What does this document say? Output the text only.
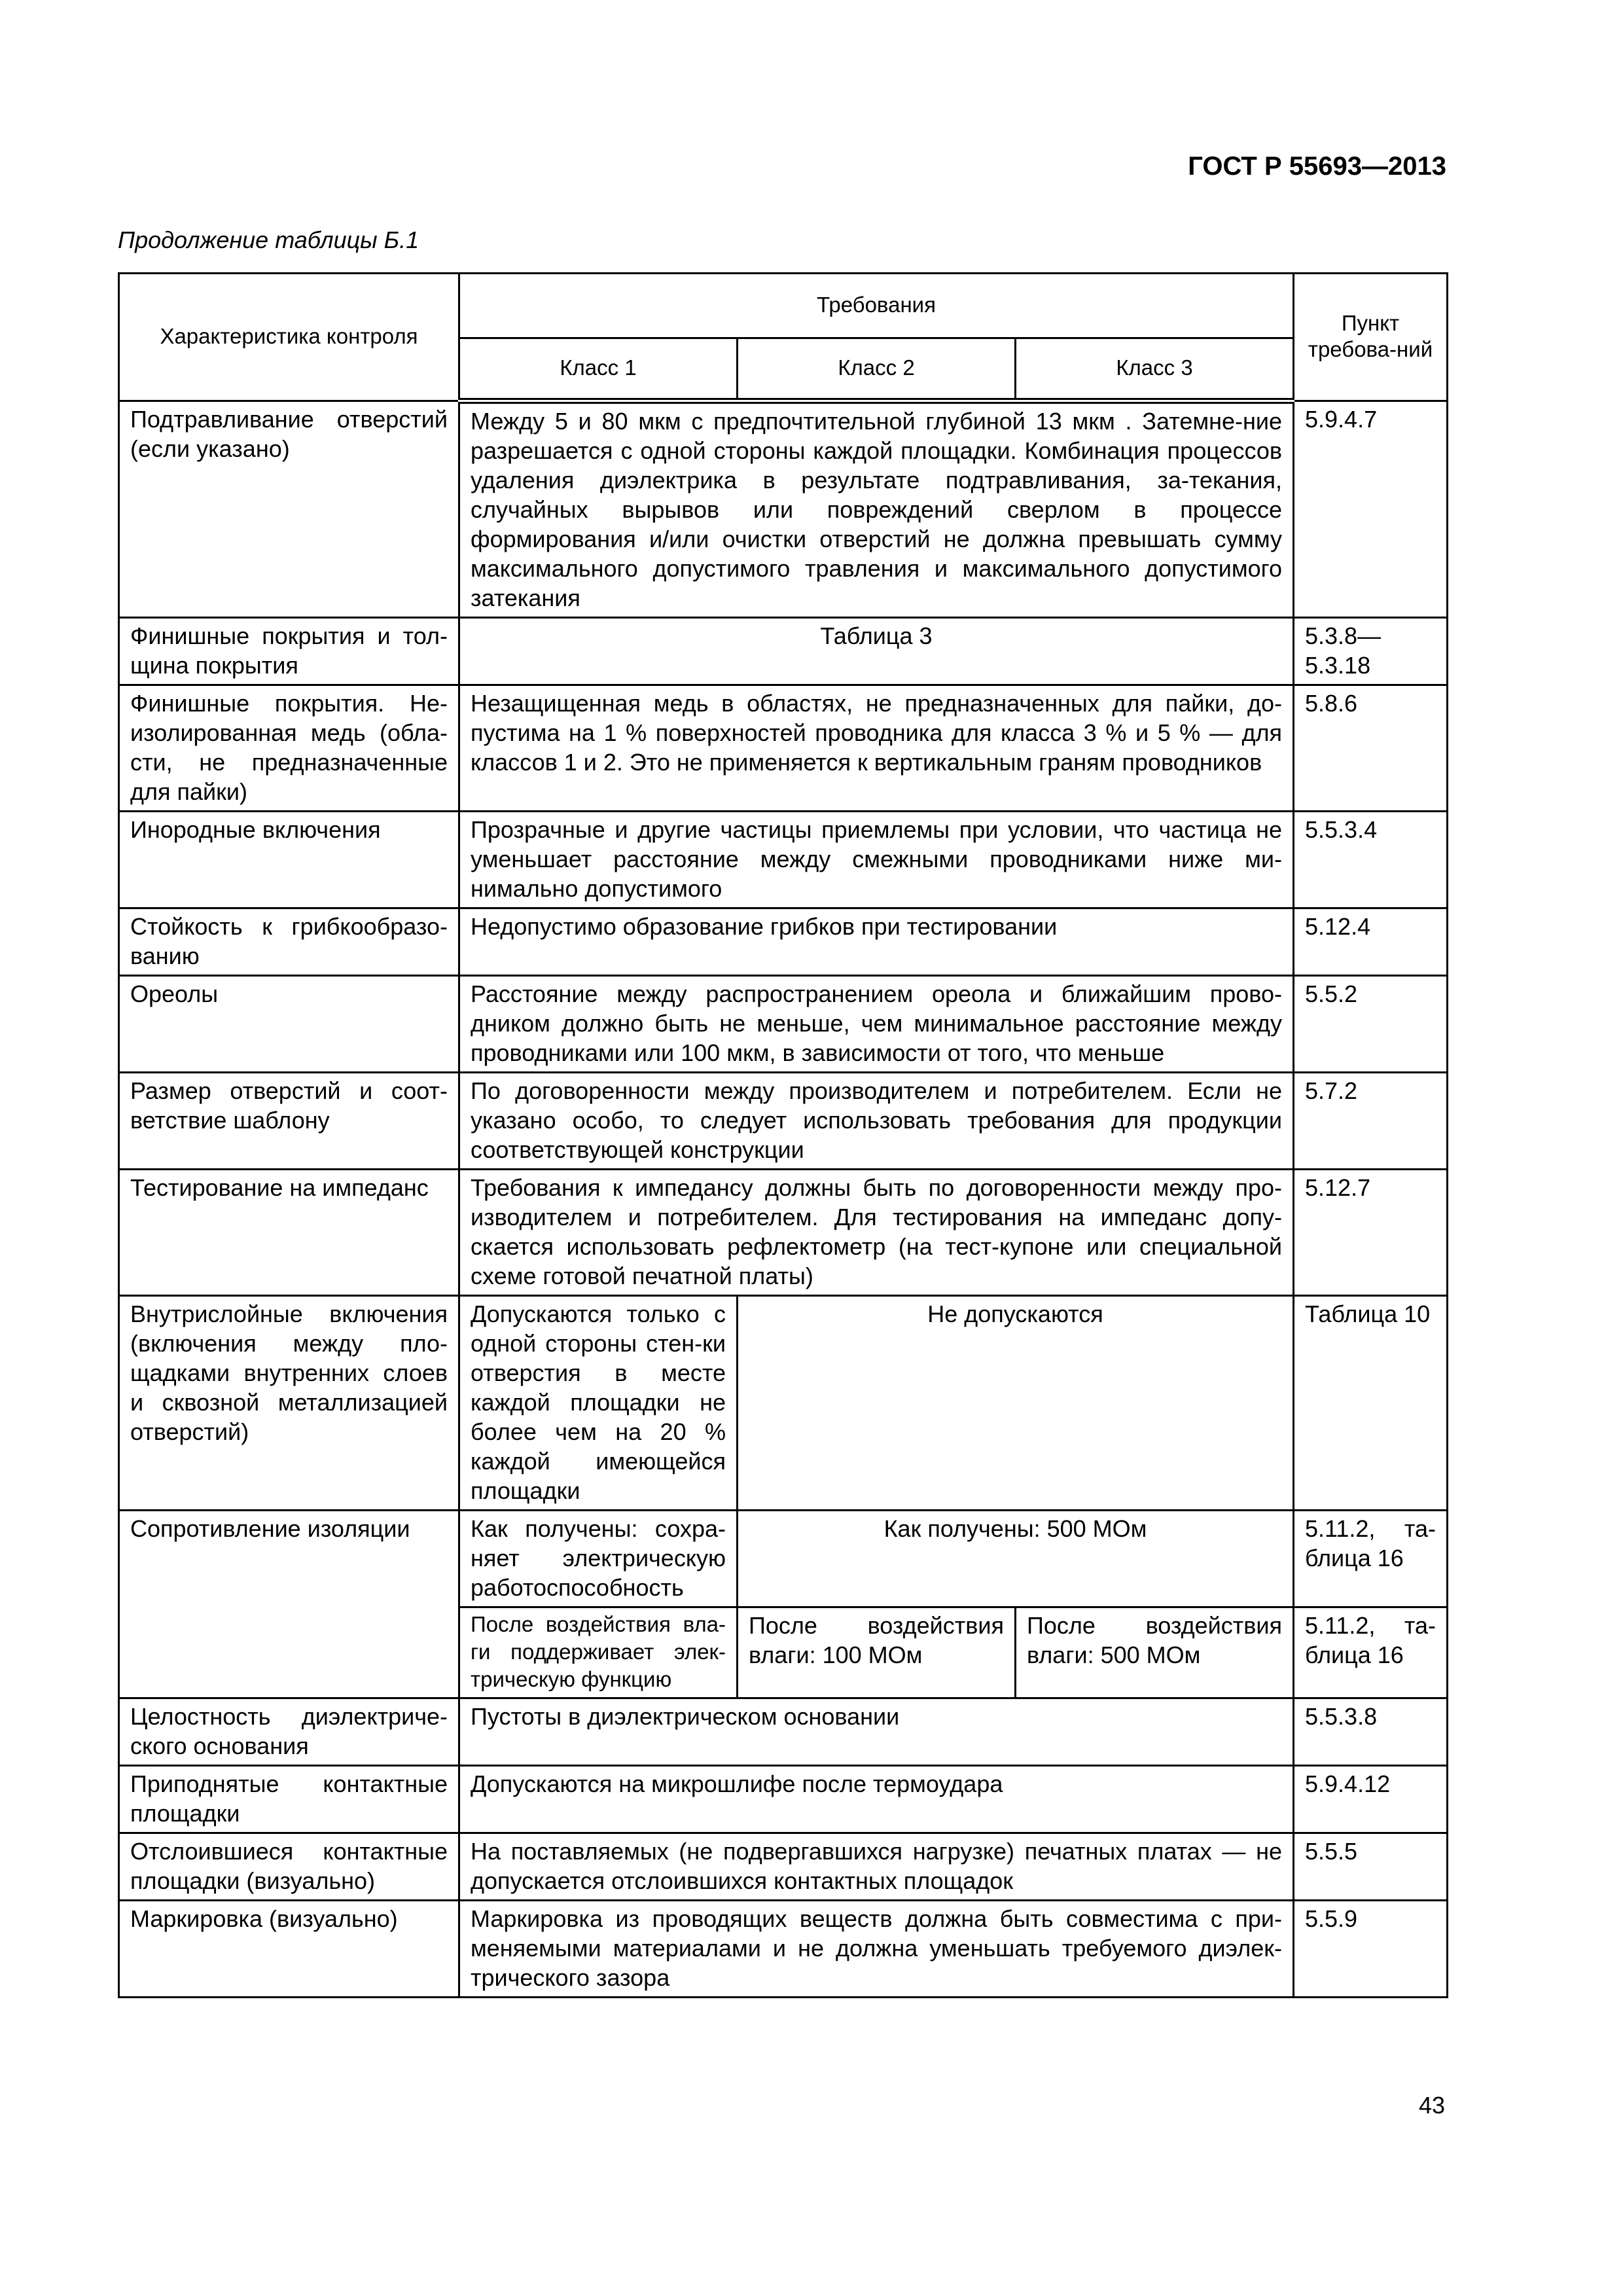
ГОСТ Р 55693—2013
Продолжение таблицы Б.1
Характеристика контроля	Требования			Пункт требова-ний
	Класс 1	Класс 2	Класс 3	
Подтравливание отверстий (если указано)	Между 5 и 80 мкм с предпочтительной глубиной 13 мкм . Затемне-ние разрешается с одной стороны каждой площадки. Комбинация процессов удаления диэлектрика в результате подтравливания, за-текания, случайных вырывов или повреждений сверлом в процессе формирования и/или очистки отверстий не должна превышать сумму максимального допустимого травления и максимального допустимого затекания			5.9.4.7
Финишные покрытия и тол-щина покрытия	Таблица 3			5.3.8— 5.3.18
Финишные покрытия. Не-изолированная медь (обла-сти, не предназначенные для пайки)	Незащищенная медь в областях, не предназначенных для пайки, до-пустима на 1 % поверхностей проводника для класса 3 % и 5 % — для классов 1 и 2. Это не применяется к вертикальным граням проводников			5.8.6
Инородные включения	Прозрачные и другие частицы приемлемы при условии, что частица не уменьшает расстояние между смежными проводниками ниже ми-нимально допустимого			5.5.3.4
Стойкость к грибкообразо-ванию	Недопустимо образование грибков при тестировании			5.12.4
Ореолы	Расстояние между распространением ореола и ближайшим прово-дником должно быть не меньше, чем минимальное расстояние между проводниками или 100 мкм, в зависимости от того, что меньше			5.5.2
Размер отверстий и соот-ветствие шаблону	По договоренности между производителем и потребителем. Если не указано особо, то следует использовать требования для продукции соответствующей конструкции			5.7.2
Тестирование на импеданс	Требования к импедансу должны быть по договоренности между про-изводителем и потребителем. Для тестирования на импеданс допу-скается использовать рефлектометр (на тест-купоне или специальной схеме готовой печатной платы)			5.12.7
Внутрислойные включения (включения между пло-щадками внутренних слоев и сквозной металлизацией отверстий)	Допускаются только с одной стороны стен-ки отверстия в месте каждой площадки не более чем на 20 % каждой имеющейся площадки	Не допускаются		Таблица 10
Сопротивление изоляции	Как получены: сохра-няет электрическую работоспособность	Как получены: 500 МОм		5.11.2, та-блица 16
	После воздействия вла-ги поддерживает элек-трическую функцию	После воздействия влаги: 100 МОм	После воздействия влаги: 500 МОм	5.11.2, та-блица 16
Целостность диэлектриче-ского основания	Пустоты в диэлектрическом основании			5.5.3.8
Приподнятые контактные площадки	Допускаются на микрошлифе после термоудара			5.9.4.12
Отслоившиеся контактные площадки (визуально)	На поставляемых (не подвергавшихся нагрузке) печатных платах — не допускается отслоившихся контактных площадок			5.5.5
Маркировка (визуально)	Маркировка из проводящих веществ должна быть совместима с при-меняемыми материалами и не должна уменьшать требуемого диэлек-трического зазора			5.5.9
43
